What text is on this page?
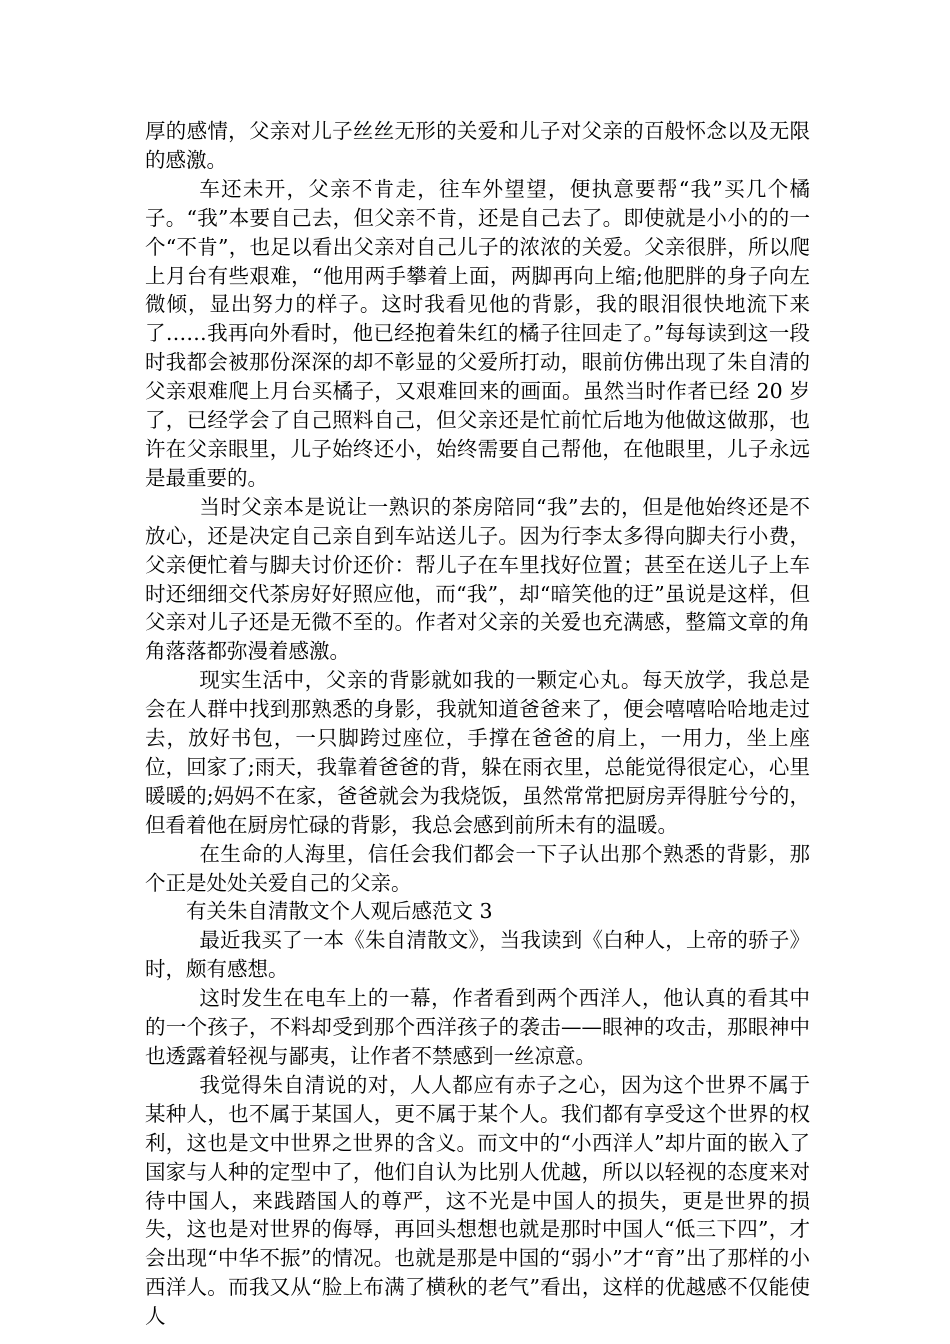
厚的感情，父亲对儿子丝丝无形的关爱和儿子对父亲的百般怀念以及无限的感激。

车还未开，父亲不肯走，往车外望望，便执意要帮“我”买几个橘子。“我”本要自己去，但父亲不肯，还是自己去了。即使就是小小的的一个“不肯”，也足以看出父亲对自己儿子的浓浓的关爱。父亲很胖，所以爬上月台有些艰难，“他用两手攀着上面，两脚再向上缩;他肥胖的身子向左微倾，显出努力的样子。这时我看见他的背影，我的眼泪很快地流下来了……我再向外看时，他已经抱着朱红的橘子往回走了。”每每读到这一段时我都会被那份深深的却不彰显的父爱所打动，眼前仿佛出现了朱自清的父亲艰难爬上月台买橘子，又艰难回来的画面。虽然当时作者已经 20 岁了，已经学会了自己照料自己，但父亲还是忙前忙后地为他做这做那，也许在父亲眼里，儿子始终还小，始终需要自己帮他，在他眼里，儿子永远是最重要的。

当时父亲本是说让一熟识的茶房陪同“我”去的，但是他始终还是不放心，还是决定自己亲自到车站送儿子。因为行李太多得向脚夫行小费，父亲便忙着与脚夫讨价还价：帮儿子在车里找好位置；甚至在送儿子上车时还细细交代茶房好好照应他，而“我”，却“暗笑他的迂”虽说是这样，但父亲对儿子还是无微不至的。作者对父亲的关爱也充满感，整篇文章的角角落落都弥漫着感激。

现实生活中，父亲的背影就如我的一颗定心丸。每天放学，我总是会在人群中找到那熟悉的身影，我就知道爸爸来了，便会嘻嘻哈哈地走过去，放好书包，一只脚跨过座位，手撑在爸爸的肩上，一用力，坐上座位，回家了;雨天，我靠着爸爸的背，躲在雨衣里，总能觉得很定心，心里暖暖的;妈妈不在家，爸爸就会为我烧饭，虽然常常把厨房弄得脏兮兮的，但看着他在厨房忙碌的背影，我总会感到前所未有的温暖。

在生命的人海里，信任会我们都会一下子认出那个熟悉的背影，那个正是处处关爱自己的父亲。

有关朱自清散文个人观后感范文 3

最近我买了一本《朱自清散文》，当我读到《白种人，上帝的骄子》时，颇有感想。

这时发生在电车上的一幕，作者看到两个西洋人，他认真的看其中的一个孩子，不料却受到那个西洋孩子的袭击——眼神的攻击，那眼神中也透露着轻视与鄙夷，让作者不禁感到一丝凉意。

我觉得朱自清说的对，人人都应有赤子之心，因为这个世界不属于某种人，也不属于某国人，更不属于某个人。我们都有享受这个世界的权利，这也是文中世界之世界的含义。而文中的“小西洋人”却片面的嵌入了国家与人种的定型中了，他们自认为比别人优越，所以以轻视的态度来对待中国人，来践踏国人的尊严，这不光是中国人的损失，更是世界的损失，这也是对世界的侮辱，再回头想想也就是那时中国人“低三下四”，才会出现“中华不振”的情况。也就是那是中国的“弱小”才“育”出了那样的小西洋人。而我又从“脸上布满了横秋的老气”看出，这样的优越感不仅能使人
